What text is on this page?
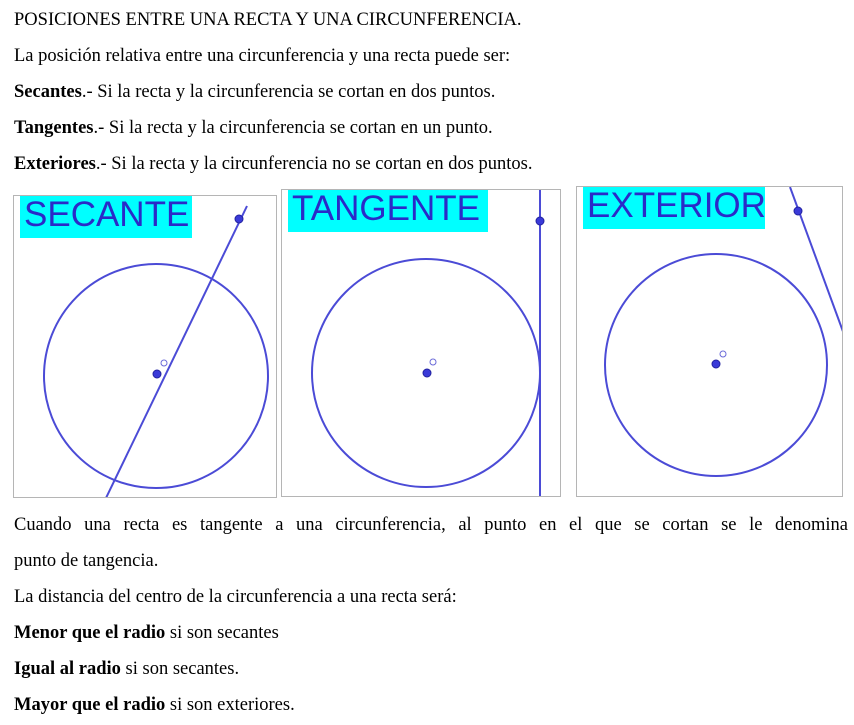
POSICIONES ENTRE UNA RECTA Y UNA CIRCUNFERENCIA.
La posición relativa entre una circunferencia y una recta puede ser:
Secantes.- Si la recta y la circunferencia se cortan en dos puntos.
Tangentes.- Si la recta y la circunferencia se cortan en un punto.
Exteriores.- Si la recta y la circunferencia no se cortan en dos puntos.
SECANTE	TANGENTE	EXTERIOR
Cuando una recta es tangente a una circunferencia, al punto en el que se cortan se le denomina
punto de tangencia.
La distancia del centro de la circunferencia a una recta será:
Menor que el radio si son secantes
Igual al radio si son secantes.
Mayor que el radio si son exteriores.
